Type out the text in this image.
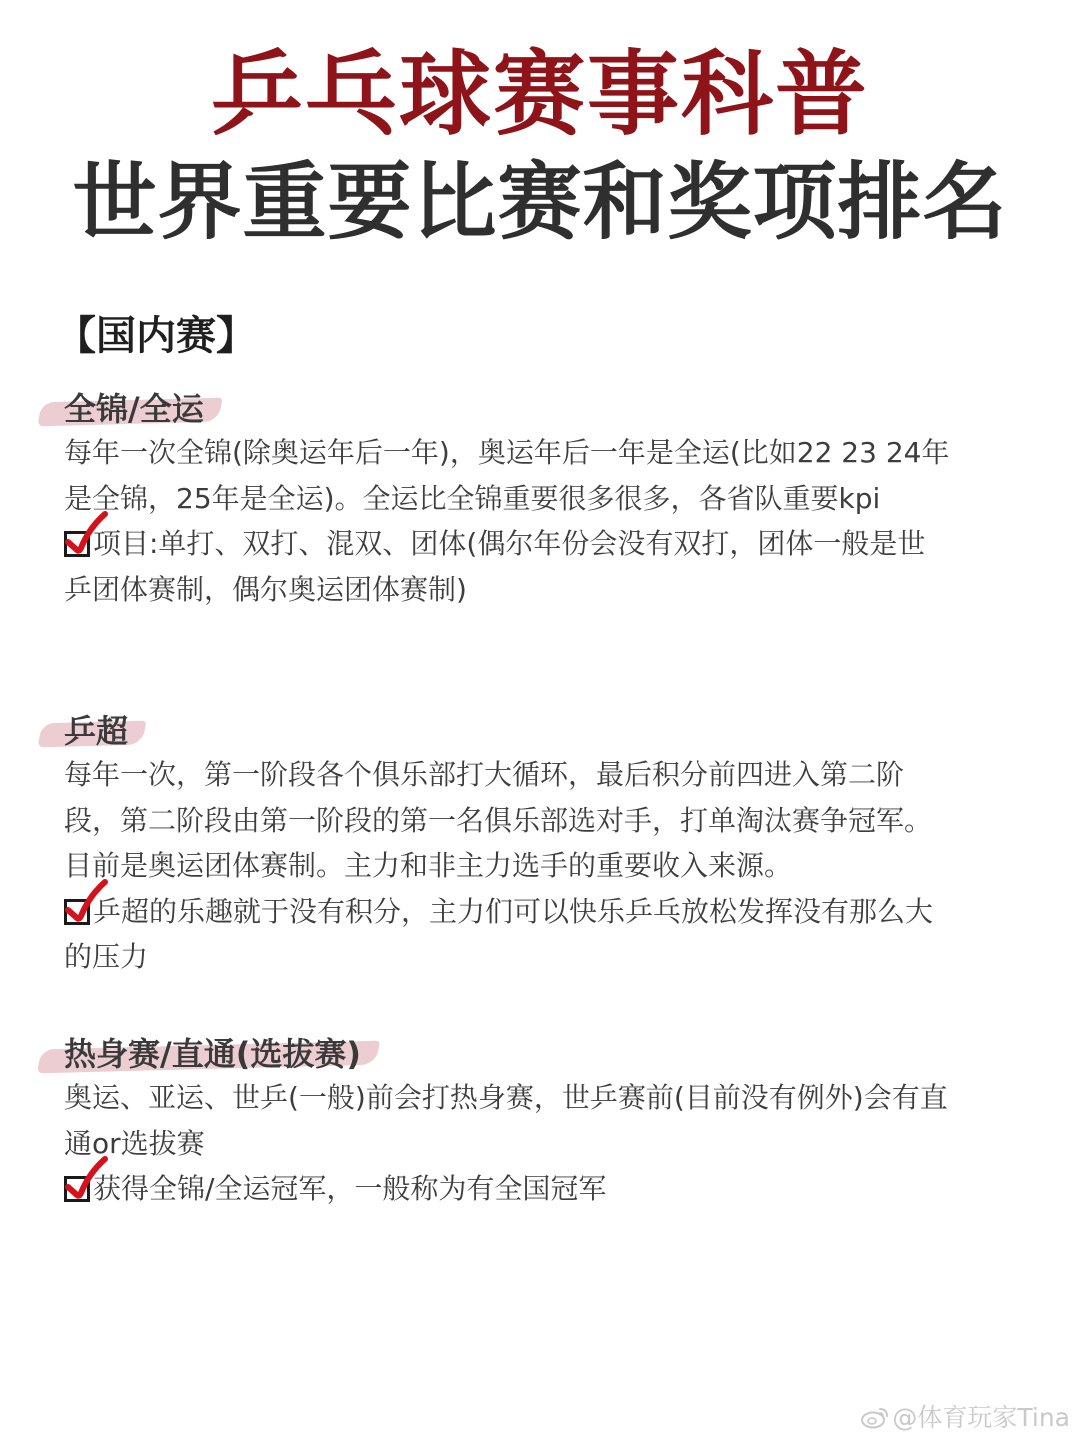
乒乓球赛事科普
世界重要比赛和奖项排名
【国内赛】
全锦/全运

每年一次全锦(除奥运年后一年)，奥运年后一年是全运(比如22 23 24年

是全锦，25年是全运)。全运比全锦重要很多很多，各省队重要kpi

项目:单打、双打、混双、团体(偶尔年份会没有双打，团体一般是世

乒团体赛制，偶尔奥运团体赛制)

乒超

每年一次，第一阶段各个俱乐部打大循环，最后积分前四进入第二阶

段，第二阶段由第一阶段的第一名俱乐部选对手，打单淘汰赛争冠军。

目前是奥运团体赛制。主力和非主力选手的重要收入来源。

乒超的乐趣就于没有积分，主力们可以快乐乒乓放松发挥没有那么大

的压力

热身赛/直通(选拔赛)

奥运、亚运、世乒(一般)前会打热身赛，世乒赛前(目前没有例外)会有直

通or选拔赛

获得全锦/全运冠军，一般称为有全国冠军

@体育玩家Tina
